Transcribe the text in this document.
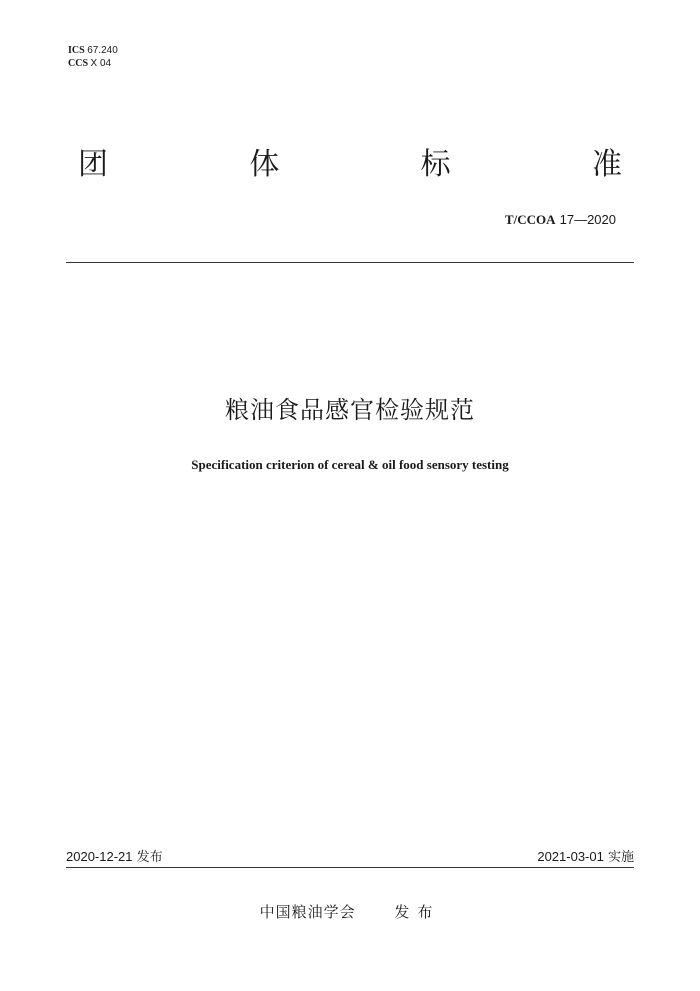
ICS 67.240
CCS X 04
团	体	标	准
T/CCOA 17—2020
粮油食品感官检验规范
Specification criterion of cereal & oil food sensory testing
2020-12-21 发布	2021-03-01 实施
中国粮油学会	发布
